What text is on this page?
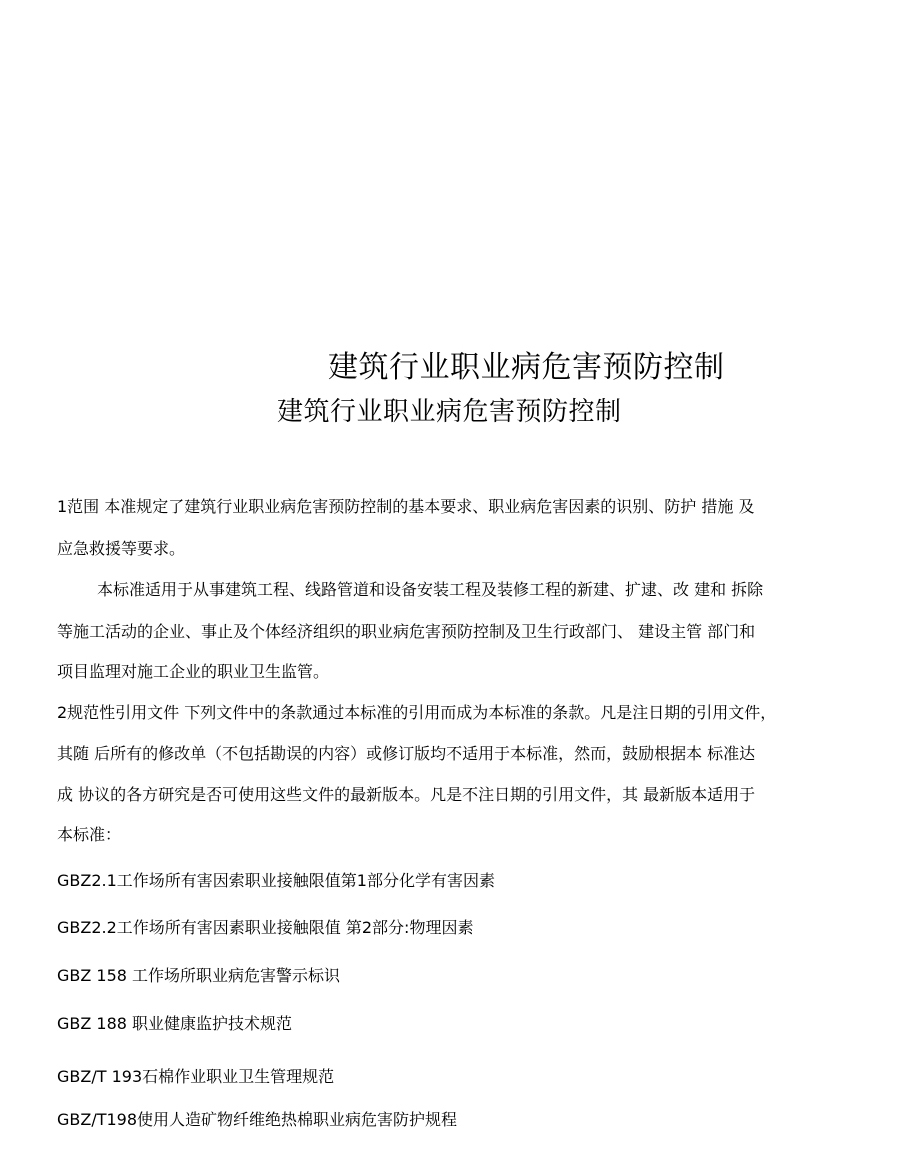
建筑行业职业病危害预防控制
建筑行业职业病危害预防控制
1范围 本准规定了建筑行业职业病危害预防控制的基本要求、职业病危害因素的识别、防护 措施 及
应急救援等要求。
本标准适用于从事建筑工程、线路管道和设备安装工程及装修工程的新建、扩逮、改 建和 拆除
等施工活动的企业、事止及个体经济组织的职业病危害预防控制及卫生行政部门、 建设主管 部门和
项目监理对施工企业的职业卫生监管。
2规范性引用文件 下列文件中的条款通过本标准的引用而成为本标准的条款。凡是注日期的引用文件，
其随 后所有的修改单（不包括勘误的内容）或修订版均不适用于本标准，然而，鼓励根据本 标准达
成 协议的各方研究是否可使用这些文件的最新版本。凡是不注日期的引用文件，其 最新版本适用于
本标准：
GBZ2.1工作场所有害因索职业接触限值第1部分化学有害因素
GBZ2.2工作场所有害因素职业接触限值 第2部分:物理因素
GBZ 158 工作场所职业病危害警示标识
GBZ 188 职业健康监护技术规范
GBZ/T 193石棉作业职业卫生管理规范
GBZ/T198使用人造矿物纤维绝热棉职业病危害防护规程
